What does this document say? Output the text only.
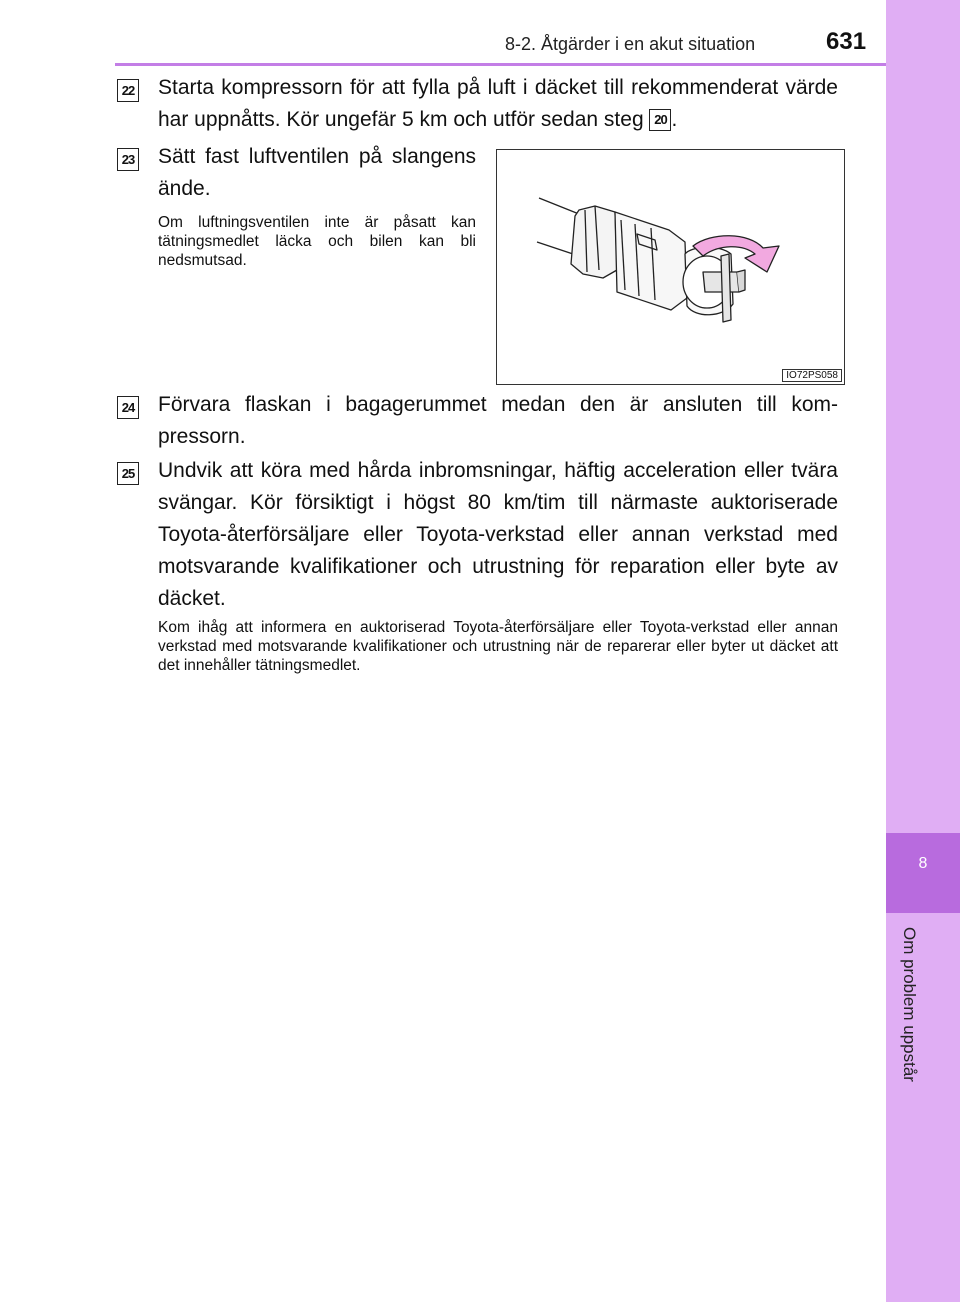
8
Om problem uppstår
8-2. Åtgärder i en akut situation	631
22 Starta kompressorn för att fylla på luft i däcket till rekommenderat värde har uppnåtts. Kör ungefär 5 km och utför sedan steg 20 .
23 Sätt fast luftventilen på slangens ände.
Om luftningsventilen inte är påsatt kan tätningsmedlet läcka och bilen kan bli nedsmutsad.
IO72PS058
24 Förvara flaskan i bagagerummet medan den är ansluten till kompressorn.
25 Undvik att köra med hårda inbromsningar, häftig acceleration eller tvära svängar. Kör försiktigt i högst 80 km/tim till närmaste auktoriserade Toyota-återförsäljare eller Toyota-verkstad eller annan verkstad med motsvarande kvalifikationer och utrustning för reparation eller byte av däcket.
Kom ihåg att informera en auktoriserad Toyota-återförsäljare eller Toyota-verkstad eller annan verkstad med motsvarande kvalifikationer och utrustning när de reparerar eller byter ut däcket att det innehåller tätningsmedlet.
